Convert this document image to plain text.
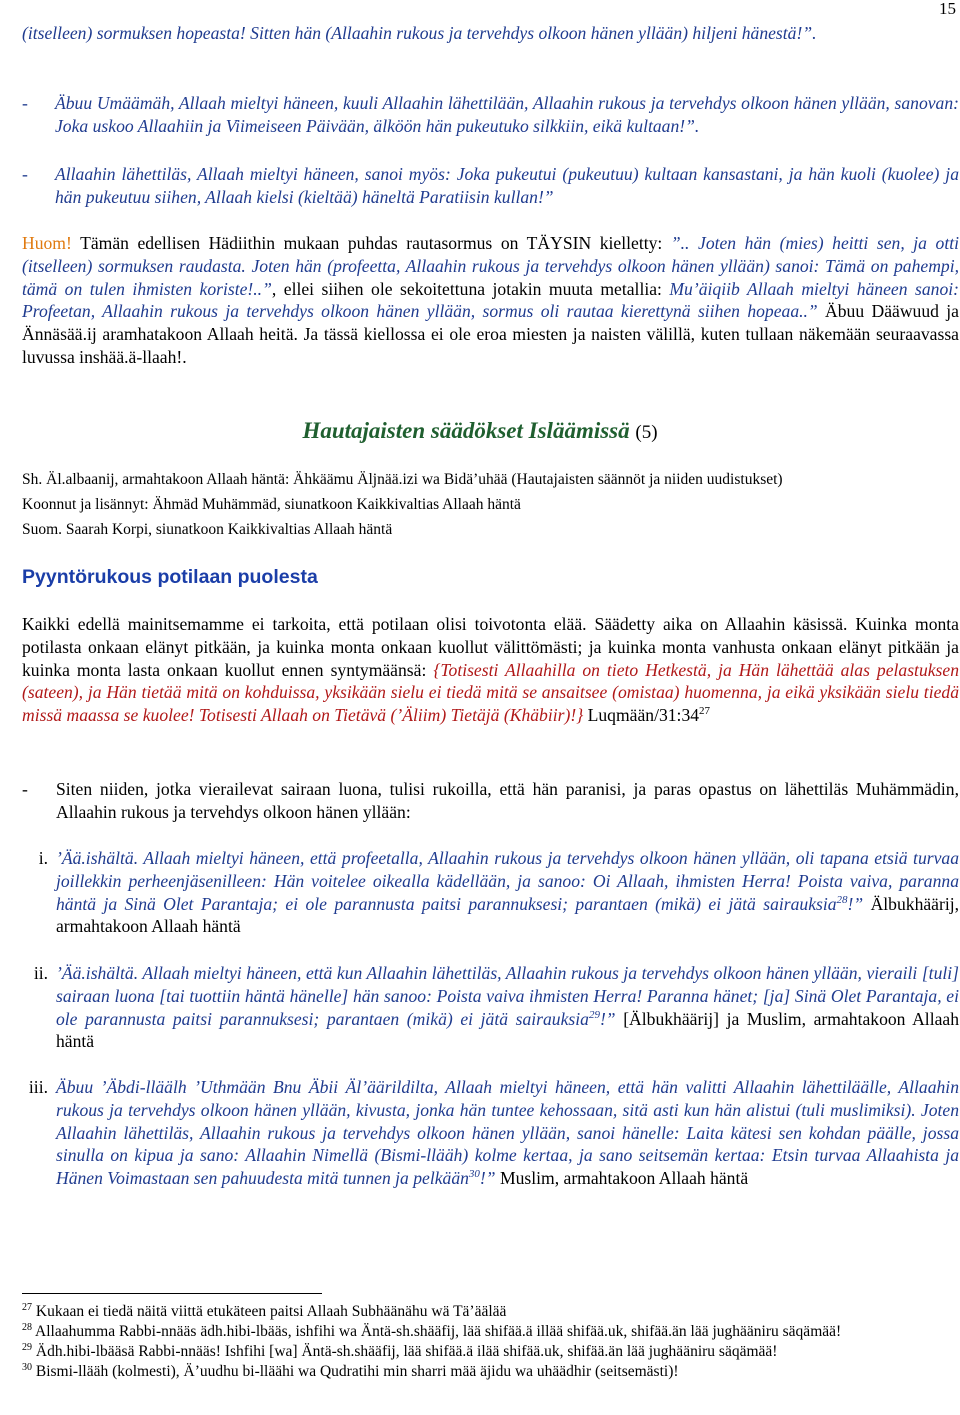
15
(itselleen) sormuksen hopeasta! Sitten hän (Allaahin rukous ja tervehdys olkoon hänen yllään) hiljeni hänestä!”.
- Äbuu Umäämäh, Allaah mieltyi häneen, kuuli Allaahin lähettilään, Allaahin rukous ja tervehdys olkoon hänen yllään, sanovan: Joka uskoo Allaahiin ja Viimeiseen Päivään, älköön hän pukeutuko silkkiin, eikä kultaan!”.
- Allaahin lähettiläs, Allaah mieltyi häneen, sanoi myös: Joka pukeutui (pukeutuu) kultaan kansastani, ja hän kuoli (kuolee) ja hän pukeutuu siihen, Allaah kielsi (kieltää) häneltä Paratiisin kullan!”
Huom! Tämän edellisen Hädiithin mukaan puhdas rautasormus on TÄYSIN kielletty: ”.. Joten hän (mies) heitti sen, ja otti (itselleen) sormuksen raudasta. Joten hän (profeetta, Allaahin rukous ja tervehdys olkoon hänen yllään) sanoi: Tämä on pahempi, tämä on tulen ihmisten koriste!..”, ellei siihen ole sekoitettuna jotakin muuta metallia: Mu’äiqiib Allaah mieltyi häneen sanoi: Profeetan, Allaahin rukous ja tervehdys olkoon hänen yllään, sormus oli rautaa kierettynä siihen hopeaa..” Äbuu Dääwuud ja Ännäsää.ij aramhatakoon Allaah heitä. Ja tässä kiellossa ei ole eroa miesten ja naisten välillä, kuten tullaan näkemään seuraavassa luvussa inshää.ä-llaah!.
Hautajaisten säädökset Isläämissä (5)
Sh. Äl.albaanij, armahtakoon Allaah häntä: Ähkäämu Äljnää.izi wa Bidä’uhää (Hautajaisten säännöt ja niiden uudistukset)
Koonnut ja lisännyt: Ähmäd Muhämmäd, siunatkoon Kaikkivaltias Allaah häntä
Suom. Saarah Korpi, siunatkoon Kaikkivaltias Allaah häntä
Pyyntörukous potilaan puolesta
Kaikki edellä mainitsemamme ei tarkoita, että potilaan olisi toivotonta elää. Säädetty aika on Allaahin käsissä. Kuinka monta potilasta onkaan elänyt pitkään, ja kuinka monta onkaan kuollut välittömästi; ja kuinka monta vanhusta onkaan elänyt pitkään ja kuinka monta lasta onkaan kuollut ennen syntymäänsä: {Totisesti Allaahilla on tieto Hetkestä, ja Hän lähettää alas pelastuksen (sateen), ja Hän tietää mitä on kohduissa, yksikään sielu ei tiedä mitä se ansaitsee (omistaa) huomenna, ja eikä yksikään sielu tiedä missä maassa se kuolee! Totisesti Allaah on Tietävä (’Äliim) Tietäjä (Khäbiir)!} Luqmään/$31:34^{27}$
- Siten niiden, jotka vierailevat sairaan luona, tulisi rukoilla, että hän paranisi, ja paras opastus on lähettiläs Muhämmädin, Allaahin rukous ja tervehdys olkoon hänen yllään:
i. ’Ää.ishältä. Allaah mieltyi häneen, että profeetalla, Allaahin rukous ja tervehdys olkoon hänen yllään, oli tapana etsiä turvaa joillekkin perheenjäsenilleen: Hän voitelee oikealla kädellään, ja sanoo: Oi Allaah, ihmisten Herra! Poista vaiva, paranna häntä ja Sinä Olet Parantaja; ei ole parannusta paitsi parannuksesi; parantaen (mikä) ei jätä sairauksia$^{28}$!” Älbukhäärij, armahtakoon Allaah häntä
ii. ’Ää.ishältä. Allaah mieltyi häneen, että kun Allaahin lähettiläs, Allaahin rukous ja tervehdys olkoon hänen yllään, vieraili [tuli] sairaan luona [tai tuottiin häntä hänelle] hän sanoo: Poista vaiva ihmisten Herra! Paranna hänet; [ja] Sinä Olet Parantaja, ei ole parannusta paitsi parannuksesi; parantaen (mikä) ei jätä sairauksia$^{29}$!” [Älbukhäärij] ja Muslim, armahtakoon Allaah häntä
iii. Äbuu ’Äbdi-lläälh ’Uthmään Bnu Äbii Äl’äärildilta, Allaah mieltyi häneen, että hän valitti Allaahin lähettiläälle, Allaahin rukous ja tervehdys olkoon hänen yllään, kivusta, jonka hän tuntee kehossaan, sitä asti kun hän alistui (tuli muslimiksi). Joten Allaahin lähettiläs, Allaahin rukous ja tervehdys olkoon hänen yllään, sanoi hänelle: Laita kätesi sen kohdan päälle, jossa sinulla on kipua ja sano: Allaahin Nimellä (Bismi-llääh) kolme kertaa, ja sano seitsemän kertaa: Etsin turvaa Allaahista ja Hänen Voimastaan sen pahuudesta mitä tunnen ja pelkään$^{30}$!” Muslim, armahtakoon Allaah häntä
$^{27}$ Kukaan ei tiedä näitä viittä etukäteen paitsi Allaah Subhäänähu wä Tä’äälää
$^{28}$ Allaahumma Rabbi-nnääs ädh.hibi-lbääs, ishfihi wa Äntä-sh.shääfij, lää shifää.ä illää shifää.uk, shifää.än lää jughääniru säqämää!
$^{29}$ Ädh.hibi-lbääsä Rabbi-nnääs! Ishfihi [wa] Äntä-sh.shääfij, lää shifää.ä ilää shifää.uk, shifää.än lää jughääniru säqämää!
$^{30}$ Bismi-llääh (kolmesti), Ä’uudhu bi-lläähi wa Qudratihi min sharri mää äjidu wa uhäädhir (seitsemästi)!
